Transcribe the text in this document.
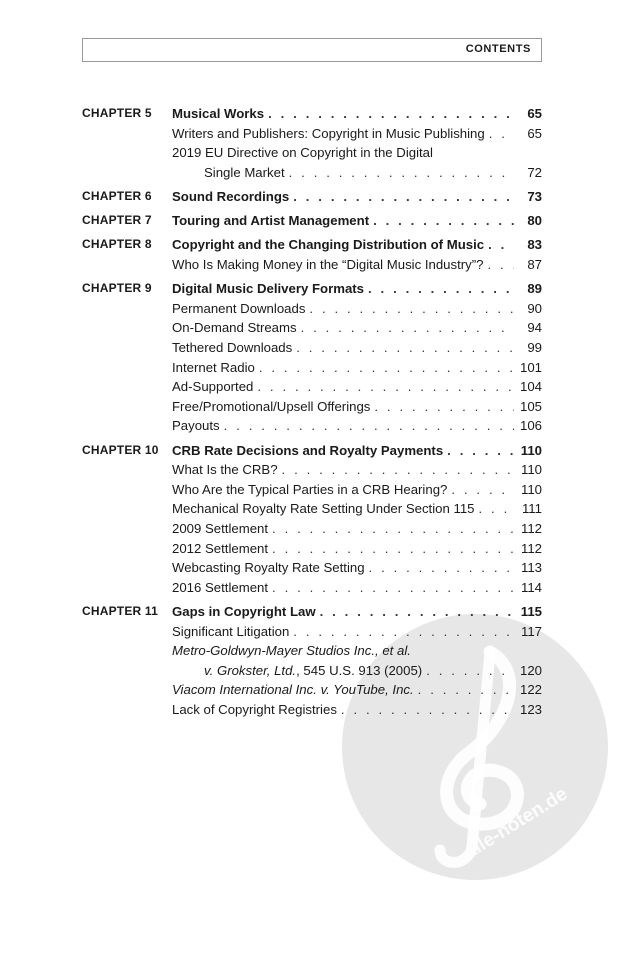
CONTENTS
alle-noten.de
CHAPTER 5 Musical Works . . .	65
Writers and Publishers: Copyright in Music Publishing . . .	65
2019 EU Directive on Copyright in the Digital
Single Market . . .	72
CHAPTER 6 Sound Recordings . . .	73
CHAPTER 7 Touring and Artist Management . . .	80
CHAPTER 8 Copyright and the Changing Distribution of Music . . .	83
Who Is Making Money in the “Digital Music Industry”? . . .	87
CHAPTER 9 Digital Music Delivery Formats . . .	89
Permanent Downloads . . .	90
On-Demand Streams . . .	94
Tethered Downloads . . .	99
Internet Radio . . .	101
Ad-Supported . . .	104
Free/Promotional/Upsell Offerings . . .	105
Payouts . . .	106
CHAPTER 10 CRB Rate Decisions and Royalty Payments . . .	110
What Is the CRB? . . .	110
Who Are the Typical Parties in a CRB Hearing? . . .	110
Mechanical Royalty Rate Setting Under Section 115 . . .	111
2009 Settlement . . .	112
2012 Settlement . . .	112
Webcasting Royalty Rate Setting . . .	113
2016 Settlement . . .	114
CHAPTER 11 Gaps in Copyright Law . . .	115
Significant Litigation . . .	117
Metro-Goldwyn-Mayer Studios Inc., et al.
v. Grokster, Ltd., 545 U.S. 913 (2005) . . .	120
Viacom International Inc. v. YouTube, Inc. . . .	122
Lack of Copyright Registries . . .	123
